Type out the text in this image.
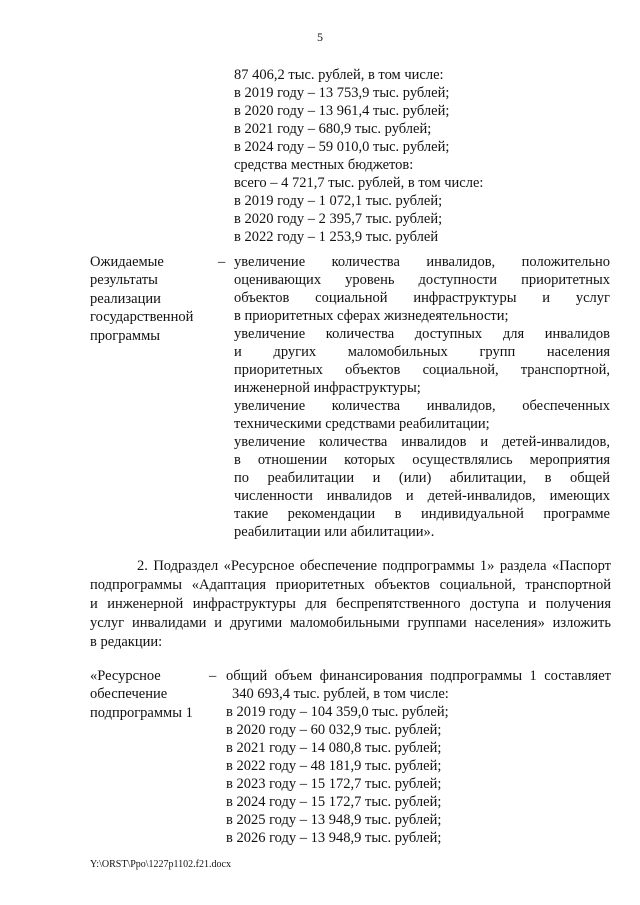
5
87 406,2 тыс. рублей, в том числе:
в 2019 году – 13 753,9 тыс. рублей;
в 2020 году – 13 961,4 тыс. рублей;
в 2021 году – 680,9 тыс. рублей;
в 2024 году – 59 010,0 тыс. рублей;
средства местных бюджетов:
всего – 4 721,7 тыс. рублей, в том числе:
в 2019 году – 1 072,1 тыс. рублей;
в 2020 году – 2 395,7 тыс. рублей;
в 2022 году – 1 253,9 тыс. рублей
Ожидаемые
результаты
реализации
государственной
программы
– увеличение количества инвалидов, положительно
оценивающих уровень доступности приоритетных
объектов социальной инфраструктуры и услуг
в приоритетных сферах жизнедеятельности;
увеличение количества доступных для инвалидов
и других маломобильных групп населения
приоритетных объектов социальной, транспортной,
инженерной инфраструктуры;
увеличение количества инвалидов, обеспеченных
техническими средствами реабилитации;
увеличение количества инвалидов и детей-инвалидов,
в отношении которых осуществлялись мероприятия
по реабилитации и (или) абилитации, в общей
численности инвалидов и детей-инвалидов, имеющих
такие рекомендации в индивидуальной программе
реабилитации или абилитации».
2. Подраздел «Ресурсное обеспечение подпрограммы 1» раздела «Паспорт
подпрограммы «Адаптация приоритетных объектов социальной, транспортной
и инженерной инфраструктуры для беспрепятственного доступа и получения
услуг инвалидами и другими маломобильными группами населения» изложить
в редакции:
«Ресурсное
обеспечение
подпрограммы 1
– общий объем финансирования подпрограммы 1 составляет
340 693,4 тыс. рублей, в том числе:
в 2019 году – 104 359,0 тыс. рублей;
в 2020 году – 60 032,9 тыс. рублей;
в 2021 году – 14 080,8 тыс. рублей;
в 2022 году – 48 181,9 тыс. рублей;
в 2023 году – 15 172,7 тыс. рублей;
в 2024 году – 15 172,7 тыс. рублей;
в 2025 году – 13 948,9 тыс. рублей;
в 2026 году – 13 948,9 тыс. рублей;
Y:\ORST\Ppo\1227p1102.f21.docx
